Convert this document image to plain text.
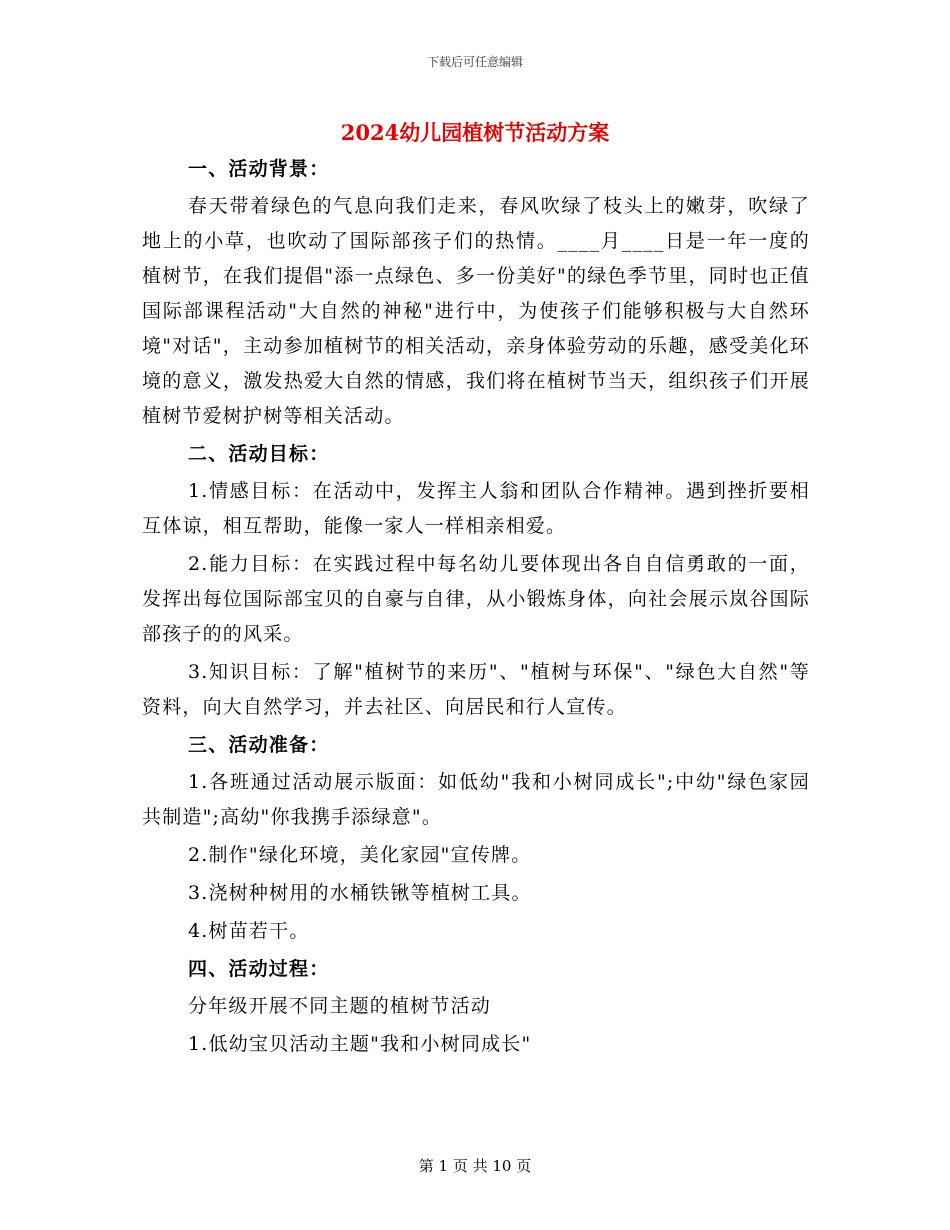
下载后可任意编辑
2024幼儿园植树节活动方案
一、活动背景：
春天带着绿色的气息向我们走来，春风吹绿了枝头上的嫩芽，吹绿了地上的小草，也吹动了国际部孩子们的热情。____月____日是一年一度的植树节，在我们提倡"添一点绿色、多一份美好"的绿色季节里，同时也正值国际部课程活动"大自然的神秘"进行中，为使孩子们能够积极与大自然环境"对话"，主动参加植树节的相关活动，亲身体验劳动的乐趣，感受美化环境的意义，激发热爱大自然的情感，我们将在植树节当天，组织孩子们开展植树节爱树护树等相关活动。
二、活动目标：
1.情感目标：在活动中，发挥主人翁和团队合作精神。遇到挫折要相互体谅，相互帮助，能像一家人一样相亲相爱。
2.能力目标：在实践过程中每名幼儿要体现出各自自信勇敢的一面，发挥出每位国际部宝贝的自豪与自律，从小锻炼身体，向社会展示岚谷国际部孩子的的风采。
3.知识目标：了解"植树节的来历"、"植树与环保"、"绿色大自然"等资料，向大自然学习，并去社区、向居民和行人宣传。
三、活动准备：
1.各班通过活动展示版面：如低幼"我和小树同成长";中幼"绿色家园共制造";高幼"你我携手添绿意"。
2.制作"绿化环境，美化家园"宣传牌。
3.浇树种树用的水桶铁锹等植树工具。
4.树苗若干。
四、活动过程：
分年级开展不同主题的植树节活动
1.低幼宝贝活动主题"我和小树同成长"
第 1 页 共 10 页
